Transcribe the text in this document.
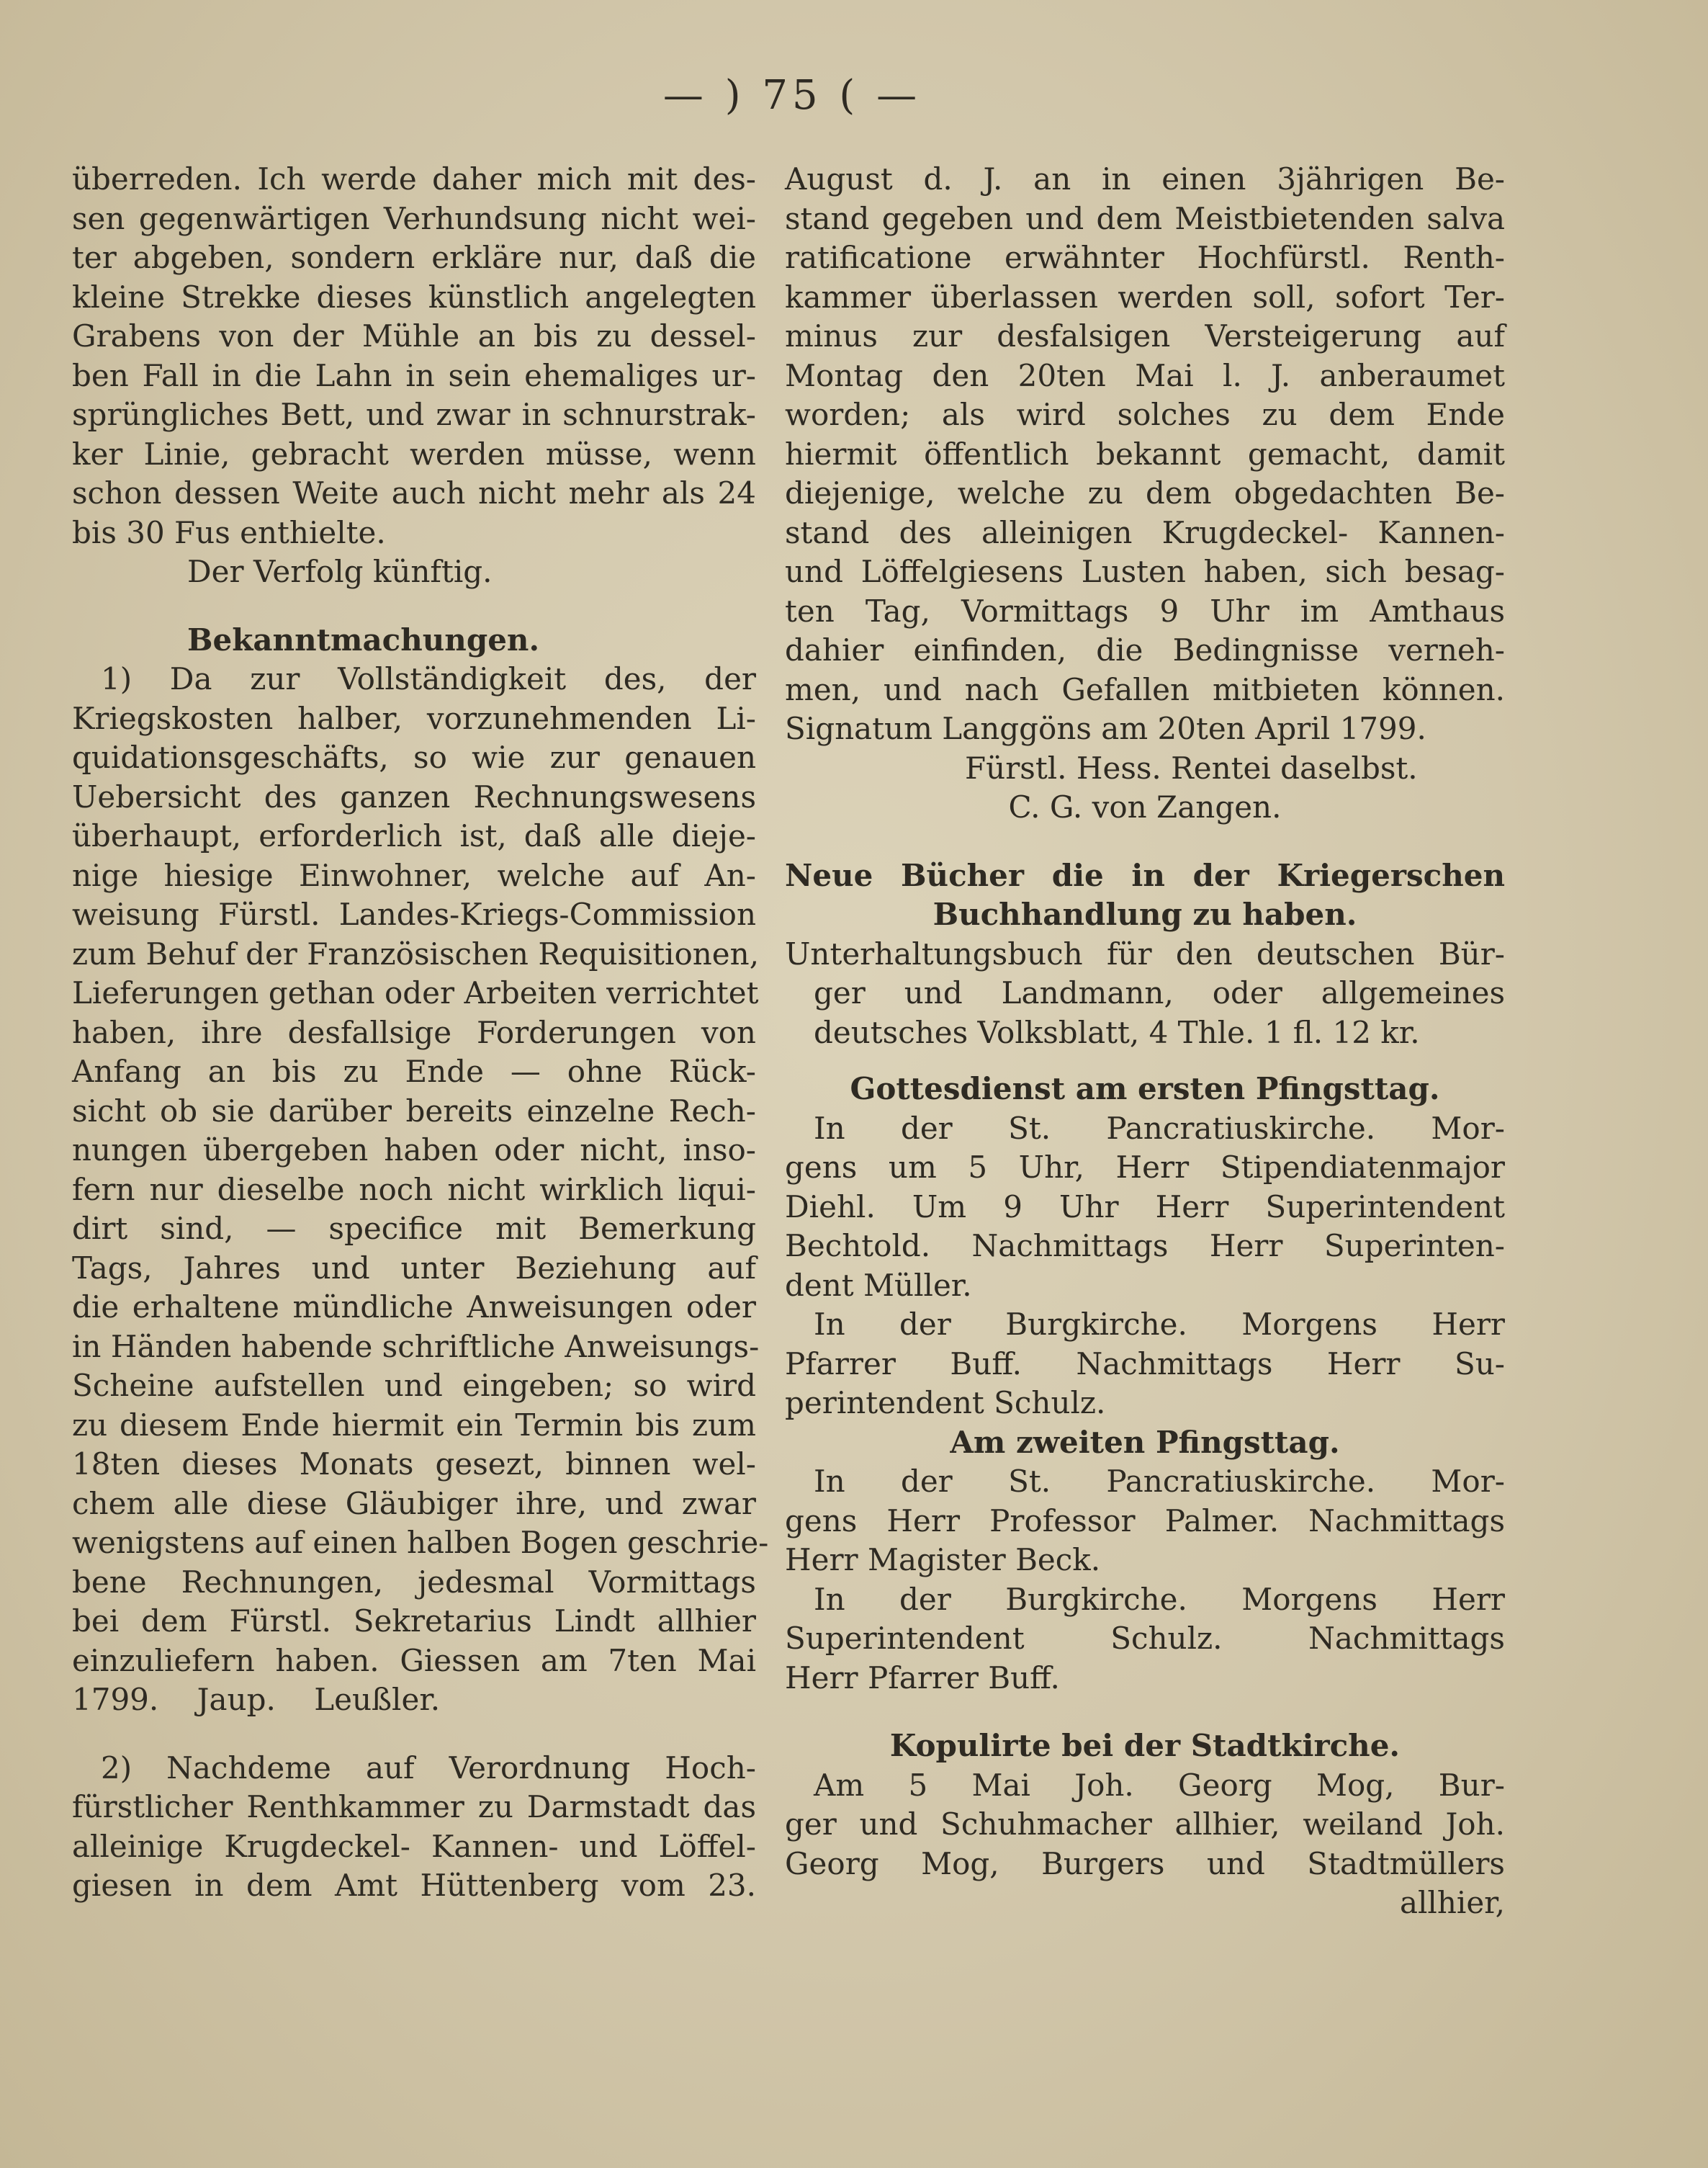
— ) 75 ( —
überreden. Ich werde daher mich mit des-
sen gegenwärtigen Verhundsung nicht wei-
ter abgeben, sondern erkläre nur, daß die
kleine Strekke dieses künstlich angelegten
Grabens von der Mühle an bis zu dessel-
ben Fall in die Lahn in sein ehemaliges ur-
sprüngliches Bett, und zwar in schnurstrak-
ker Linie, gebracht werden müsse, wenn
schon dessen Weite auch nicht mehr als 24
bis 30 Fus enthielte.
Der Verfolg künftig.
Bekanntmachungen.
1) Da zur Vollständigkeit des, der
Kriegskosten halber, vorzunehmenden Li-
quidationsgeschäfts, so wie zur genauen
Uebersicht des ganzen Rechnungswesens
überhaupt, erforderlich ist, daß alle dieje-
nige hiesige Einwohner, welche auf An-
weisung Fürstl. Landes-Kriegs-Commission
zum Behuf der Französischen Requisitionen,
Lieferungen gethan oder Arbeiten verrichtet
haben, ihre desfallsige Forderungen von
Anfang an bis zu Ende — ohne Rück-
sicht ob sie darüber bereits einzelne Rech-
nungen übergeben haben oder nicht, inso-
fern nur dieselbe noch nicht wirklich liqui-
dirt sind, — specifice mit Bemerkung
Tags, Jahres und unter Beziehung auf
die erhaltene mündliche Anweisungen oder
in Händen habende schriftliche Anweisungs-
Scheine aufstellen und eingeben; so wird
zu diesem Ende hiermit ein Termin bis zum
18ten dieses Monats gesezt, binnen wel-
chem alle diese Gläubiger ihre, und zwar
wenigstens auf einen halben Bogen geschrie-
bene Rechnungen, jedesmal Vormittags
bei dem Fürstl. Sekretarius Lindt allhier
einzuliefern haben. Giessen am 7ten Mai
1799.    Jaup.    Leußler.
2) Nachdeme auf Verordnung Hoch-
fürstlicher Renthkammer zu Darmstadt das
alleinige Krugdeckel- Kannen- und Löffel-
giesen in dem Amt Hüttenberg vom 23.
August d. J. an in einen 3jährigen Be-
stand gegeben und dem Meistbietenden salva
ratificatione erwähnter Hochfürstl. Renth-
kammer überlassen werden soll, sofort Ter-
minus zur desfalsigen Versteigerung auf
Montag den 20ten Mai l. J. anberaumet
worden; als wird solches zu dem Ende
hiermit öffentlich bekannt gemacht, damit
diejenige, welche zu dem obgedachten Be-
stand des alleinigen Krugdeckel- Kannen-
und Löffelgiesens Lusten haben, sich besag-
ten Tag, Vormittags 9 Uhr im Amthaus
dahier einfinden, die Bedingnisse verneh-
men, und nach Gefallen mitbieten können.
Signatum Langgöns am 20ten April 1799.
Fürstl. Hess. Rentei daselbst.
C. G. von Zangen.
Neue Bücher die in der Kriegerschen
Buchhandlung zu haben.
Unterhaltungsbuch für den deutschen Bür-
ger und Landmann, oder allgemeines
deutsches Volksblatt, 4 Thle. 1 fl. 12 kr.
Gottesdienst am ersten Pfingsttag.
In der St. Pancratiuskirche. Mor-
gens um 5 Uhr, Herr Stipendiatenmajor
Diehl. Um 9 Uhr Herr Superintendent
Bechtold. Nachmittags Herr Superinten-
dent Müller.
In der Burgkirche. Morgens Herr
Pfarrer Buff. Nachmittags Herr Su-
perintendent Schulz.
Am zweiten Pfingsttag.
In der St. Pancratiuskirche. Mor-
gens Herr Professor Palmer. Nachmittags
Herr Magister Beck.
In der Burgkirche. Morgens Herr
Superintendent Schulz. Nachmittags
Herr Pfarrer Buff.
Kopulirte bei der Stadtkirche.
Am 5 Mai Joh. Georg Mog, Bur-
ger und Schuhmacher allhier, weiland Joh.
Georg Mog, Burgers und Stadtmüllers
allhier,
